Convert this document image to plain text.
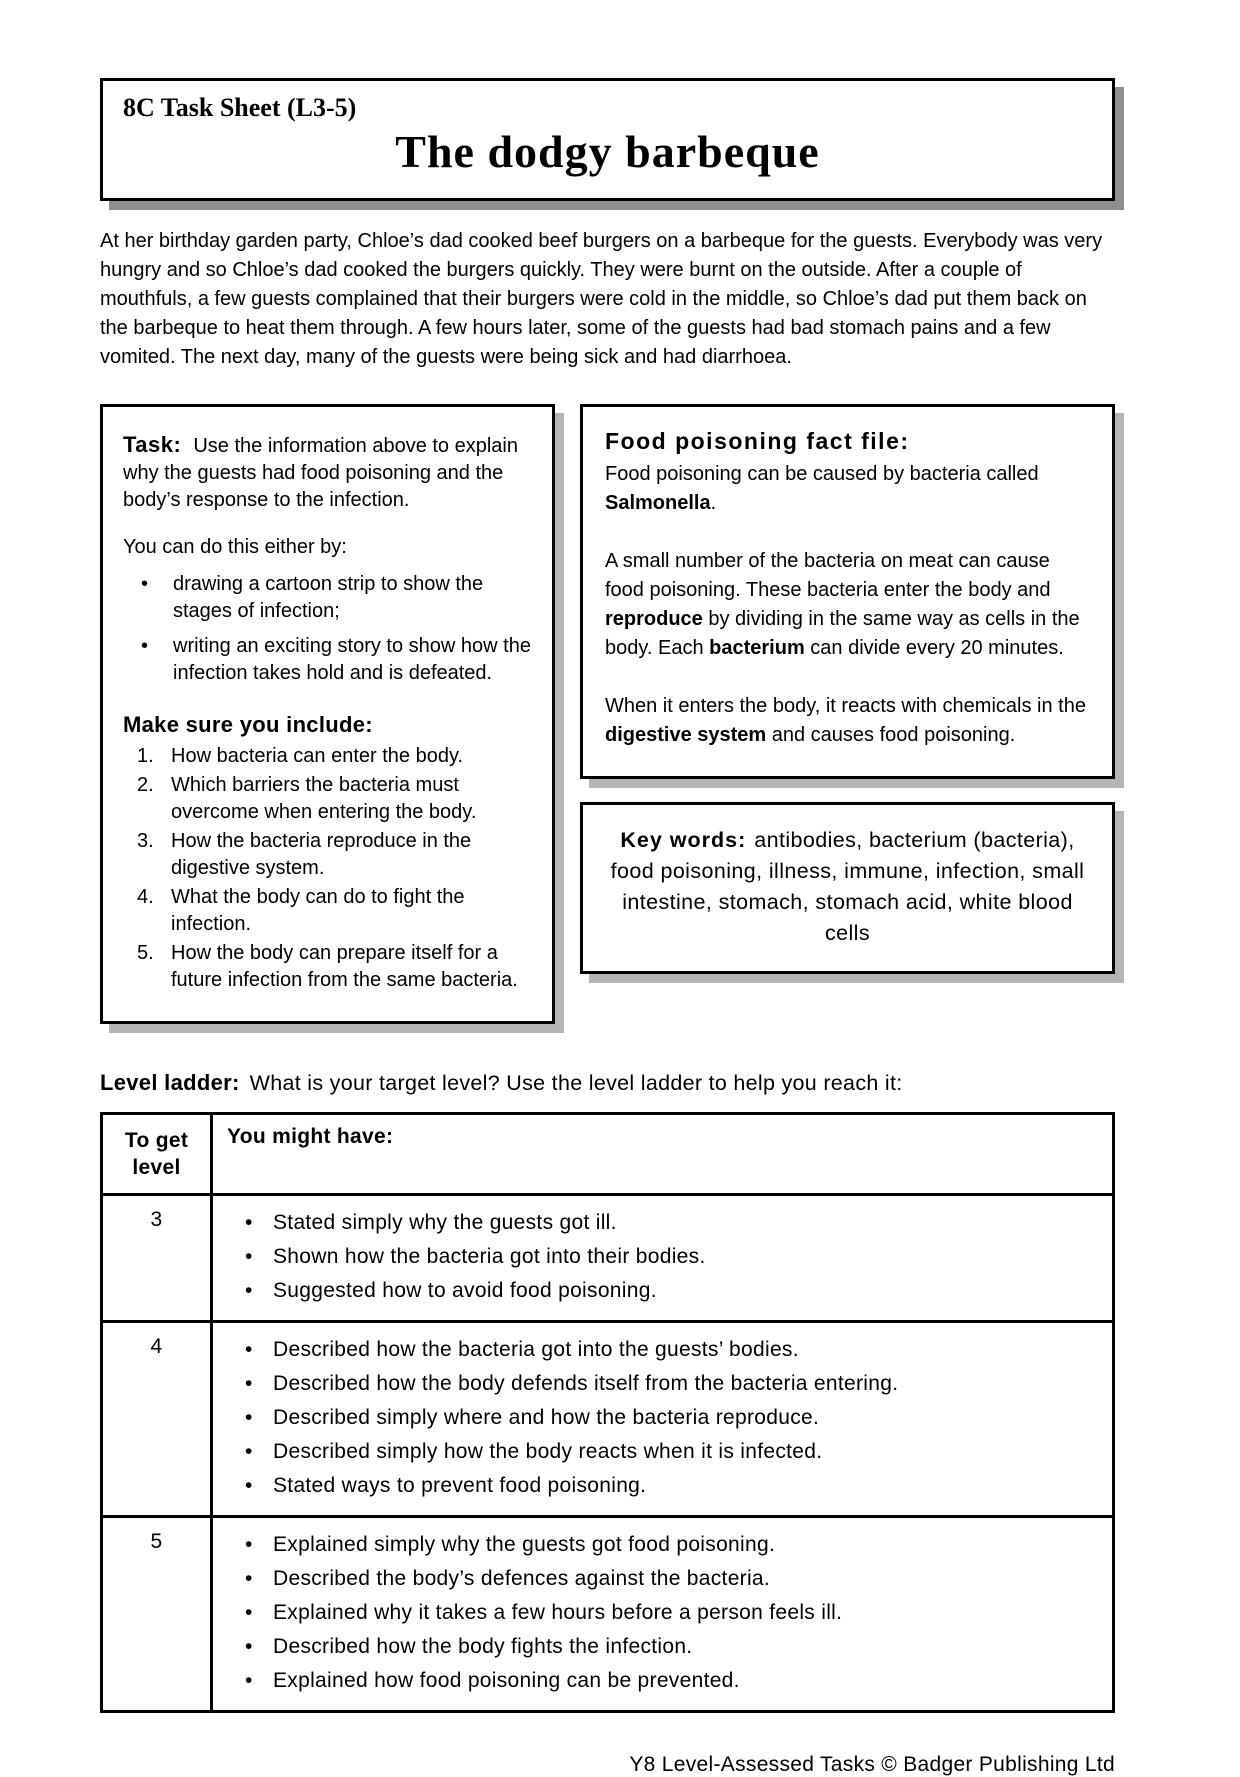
8C Task Sheet (L3-5)
The dodgy barbeque

At her birthday garden party, Chloe’s dad cooked beef burgers on a barbeque for the guests. Everybody was very hungry and so Chloe’s dad cooked the burgers quickly. They were burnt on the outside. After a couple of mouthfuls, a few guests complained that their burgers were cold in the middle, so Chloe’s dad put them back on the barbeque to heat them through. A few hours later, some of the guests had bad stomach pains and a few vomited. The next day, many of the guests were being sick and had diarrhoea.

Task: Use the information above to explain why the guests had food poisoning and the body’s response to the infection.

You can do this either by:

• drawing a cartoon strip to show the stages of infection;
• writing an exciting story to show how the infection takes hold and is defeated.
Make sure you include:
How bacteria can enter the body.
Which barriers the bacteria must overcome when entering the body.
How the bacteria reproduce in the digestive system.
What the body can do to fight the infection.
How the body can prepare itself for a future infection from the same bacteria.
Food poisoning fact file:

Food poisoning can be caused by bacteria called Salmonella.

A small number of the bacteria on meat can cause food poisoning. These bacteria enter the body and reproduce by dividing in the same way as cells in the body. Each bacterium can divide every 20 minutes.

When it enters the body, it reacts with chemicals in the digestive system and causes food poisoning.

Key words: antibodies, bacterium (bacteria), food poisoning, illness, immune, infection, small intestine, stomach, stomach acid, white blood cells

Level ladder: What is your target level? Use the level ladder to help you reach it:

To get level	You might have:
3	
•Stated simply why the guests got ill.
• Shown how the bacteria got into their bodies.
• Suggested how to avoid food poisoning.

4	
•Described how the bacteria got into the guests’ bodies.
• Described how the body defends itself from the bacteria entering.
• Described simply where and how the bacteria reproduce.
• Described simply how the body reacts when it is infected.
• Stated ways to prevent food poisoning.

5	
•Explained simply why the guests got food poisoning.
• Described the body’s defences against the bacteria.
• Explained why it takes a few hours before a person feels ill.
• Described how the body fights the infection.
• Explained how food poisoning can be prevented.
Y8 Level-Assessed Tasks © Badger Publishing Ltd
